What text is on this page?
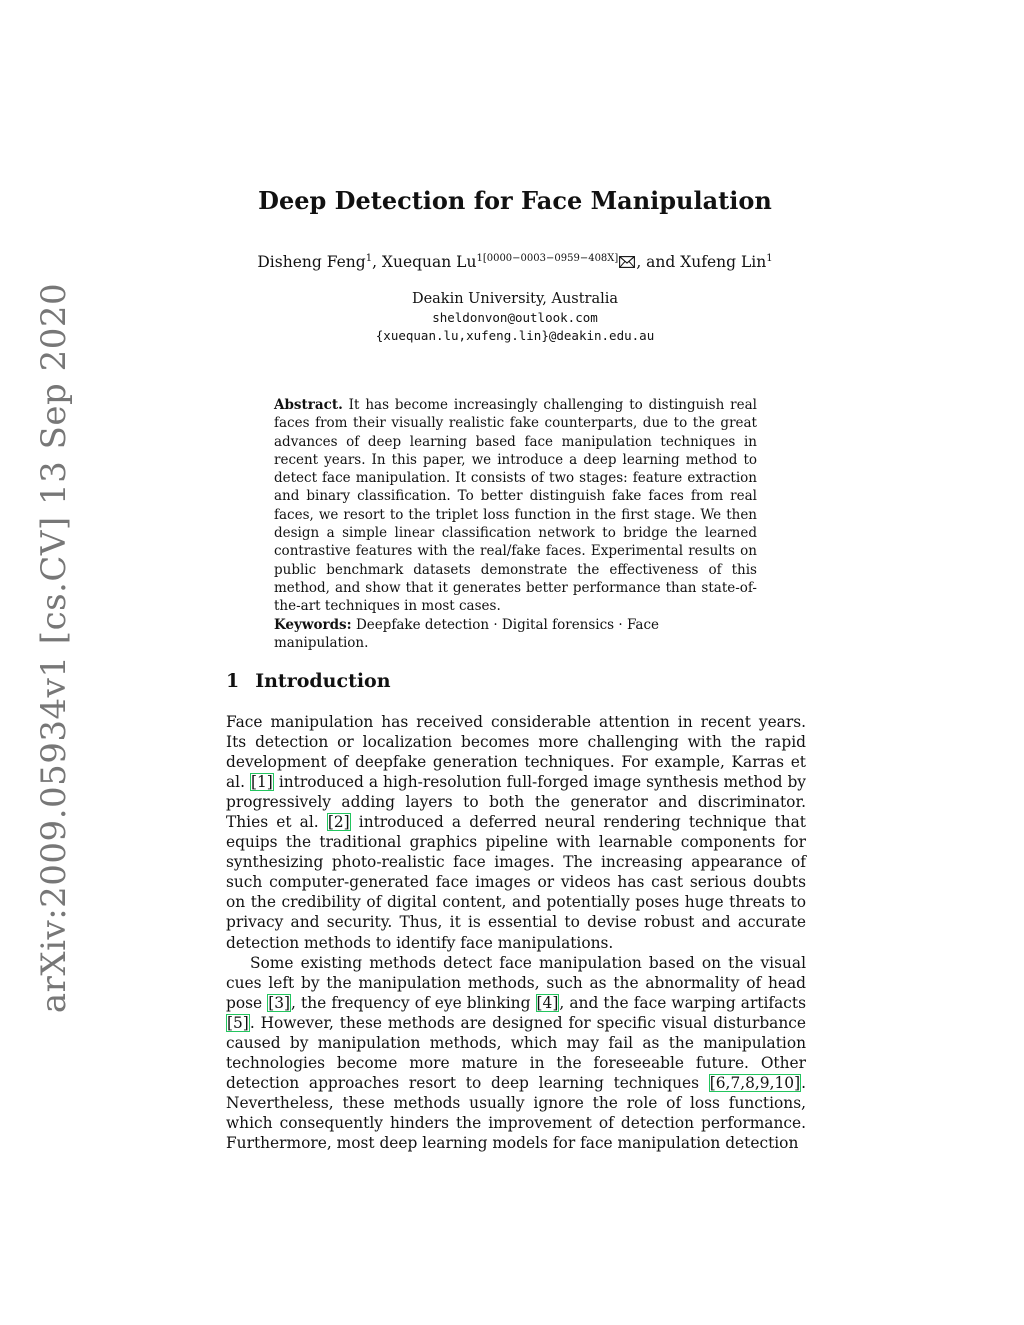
arXiv:2009.05934v1 [cs.CV] 13 Sep 2020
Deep Detection for Face Manipulation
Disheng Feng$^1$, Xuequan $Lu^{1[0000-0003-0959-408X]}$ , and Xufeng Lin$^1$
Deakin University, Australia
sheldonvon@outlook.com
{xuequan.lu,xufeng.lin}@deakin.edu.au
Abstract. It has become increasingly challenging to distinguish real faces from their visually realistic fake counterparts, due to the great advances of deep learning based face manipulation techniques in recent years. In this paper, we introduce a deep learning method to detect face manipulation. It consists of two stages: feature extraction and binary classification. To better distinguish fake faces from real faces, we resort to the triplet loss function in the first stage. We then design a simple linear classification network to bridge the learned contrastive features with the real/fake faces. Experimental results on public benchmark datasets demonstrate the effectiveness of this method, and show that it generates better performance than state-of-the-art techniques in most cases.
Keywords: Deepfake detection · Digital forensics · Face manipulation.
1 Introduction

Face manipulation has received considerable attention in recent years. Its detection or localization becomes more challenging with the rapid development of deepfake generation techniques. For example, Karras et al. [1] introduced a high-resolution full-forged image synthesis method by progressively adding layers to both the generator and discriminator. Thies et al. [2] introduced a deferred neural rendering technique that equips the traditional graphics pipeline with learnable components for synthesizing photo-realistic face images. The increasing appearance of such computer-generated face images or videos has cast serious doubts on the credibility of digital content, and potentially poses huge threats to privacy and security. Thus, it is essential to devise robust and accurate detection methods to identify face manipulations.

Some existing methods detect face manipulation based on the visual cues left by the manipulation methods, such as the abnormality of head pose [3], the frequency of eye blinking [4], and the face warping artifacts [5]. However, these methods are designed for specific visual disturbance caused by manipulation methods, which may fail as the manipulation technologies become more mature in the foreseeable future. Other detection approaches resort to deep learning techniques [6,7,8,9,10]. Nevertheless, these methods usually ignore the role of loss functions, which consequently hinders the improvement of detection performance. Furthermore, most deep learning models for face manipulation detection
